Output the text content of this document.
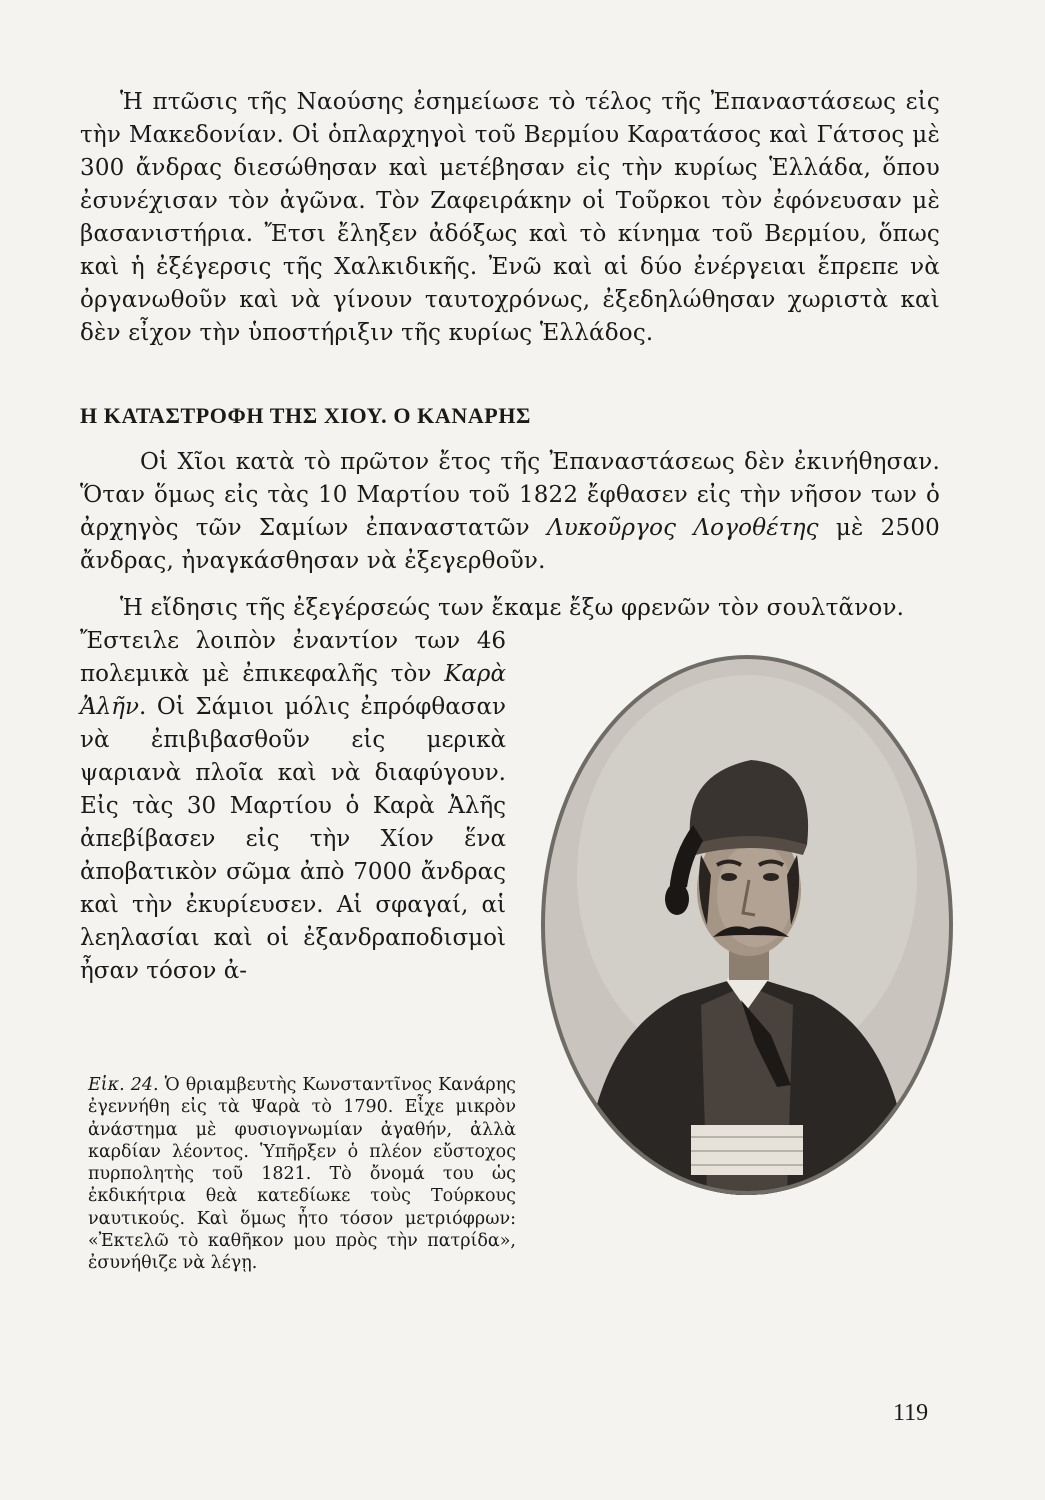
Ἡ πτῶσις τῆς Ναούσης ἐσημείωσε τὸ τέλος τῆς Ἐπαναστάσεως εἰς τὴν Μακεδονίαν. Οἱ ὁπλαρχηγοὶ τοῦ Βερμίου Καρατάσος καὶ Γάτσος μὲ 300 ἄνδρας διεσώθησαν καὶ μετέβησαν εἰς τὴν κυρίως Ἑλλάδα, ὅπου ἐσυνέχισαν τὸν ἀγῶνα. Τὸν Ζαφειράκην οἱ Τοῦρκοι τὸν ἐφόνευσαν μὲ βασανιστήρια. Ἔτσι ἔληξεν ἀδόξως καὶ τὸ κίνημα τοῦ Βερμίου, ὅπως καὶ ἡ ἐξέγερσις τῆς Χαλκιδικῆς. Ἐνῶ καὶ αἱ δύο ἐνέργειαι ἔπρεπε νὰ ὀργανωθοῦν καὶ νὰ γίνουν ταυτοχρόνως, ἐξεδηλώθησαν χωριστὰ καὶ δὲν εἶχον τὴν ὑποστήριξιν τῆς κυρίως Ἑλλάδος.

Η ΚΑΤΑΣΤΡΟΦΗ ΤΗΣ ΧΙΟΥ. Ο ΚΑΝΑΡΗΣ

Οἱ Χῖοι κατὰ τὸ πρῶτον ἔτος τῆς Ἐπαναστάσεως δὲν ἐκινήθησαν. Ὅταν ὅμως εἰς τὰς 10 Μαρτίου τοῦ 1822 ἔφθασεν εἰς τὴν νῆσον των ὁ ἀρχηγὸς τῶν Σαμίων ἐπαναστατῶν Λυκοῦργος Λογοθέτης μὲ 2500 ἄνδρας, ἠναγκάσθησαν νὰ ἐξεγερθοῦν.

Ἡ εἴδησις τῆς ἐξεγέρσεώς των ἔκαμε ἔξω φρενῶν τὸν σουλτᾶνον.

Ἔστειλε λοιπὸν ἐναντίον των 46 πολεμικὰ μὲ ἐπικεφαλῆς τὸν Καρὰ Ἀλῆν. Οἱ Σάμιοι μόλις ἐπρόφθασαν νὰ ἐπιβιβασθοῦν εἰς μερικὰ ψαριανὰ πλοῖα καὶ νὰ διαφύγουν. Εἰς τὰς 30 Μαρτίου ὁ Καρὰ Ἀλῆς ἀπεβίβασεν εἰς τὴν Χίον ἕνα ἀποβατικὸν σῶμα ἀπὸ 7000 ἄνδρας καὶ τὴν ἐκυρίευσεν. Αἱ σφαγαί, αἱ λεηλασίαι καὶ οἱ ἐξανδραποδισμοὶ ἦσαν τόσον ἀ-

Εἰκ. 24. Ὁ θριαμβευτὴς Κωνσταντῖνος Κανάρης ἐγεννήθη εἰς τὰ Ψαρὰ τὸ 1790. Εἶχε μικρὸν ἀνάστημα μὲ φυσιογνωμίαν ἀγαθήν, ἀλλὰ καρδίαν λέοντος. Ὑπῆρξεν ὁ πλέον εὔστοχος πυρπολητὴς τοῦ 1821. Τὸ ὄνομά του ὡς ἐκδικήτρια θεὰ κατεδίωκε τοὺς Τούρκους ναυτικούς. Καὶ ὅμως ἦτο τόσον μετριόφρων: «Ἐκτελῶ τὸ καθῆκον μου πρὸς τὴν πατρίδα», ἐσυνήθιζε νὰ λέγῃ.

119
